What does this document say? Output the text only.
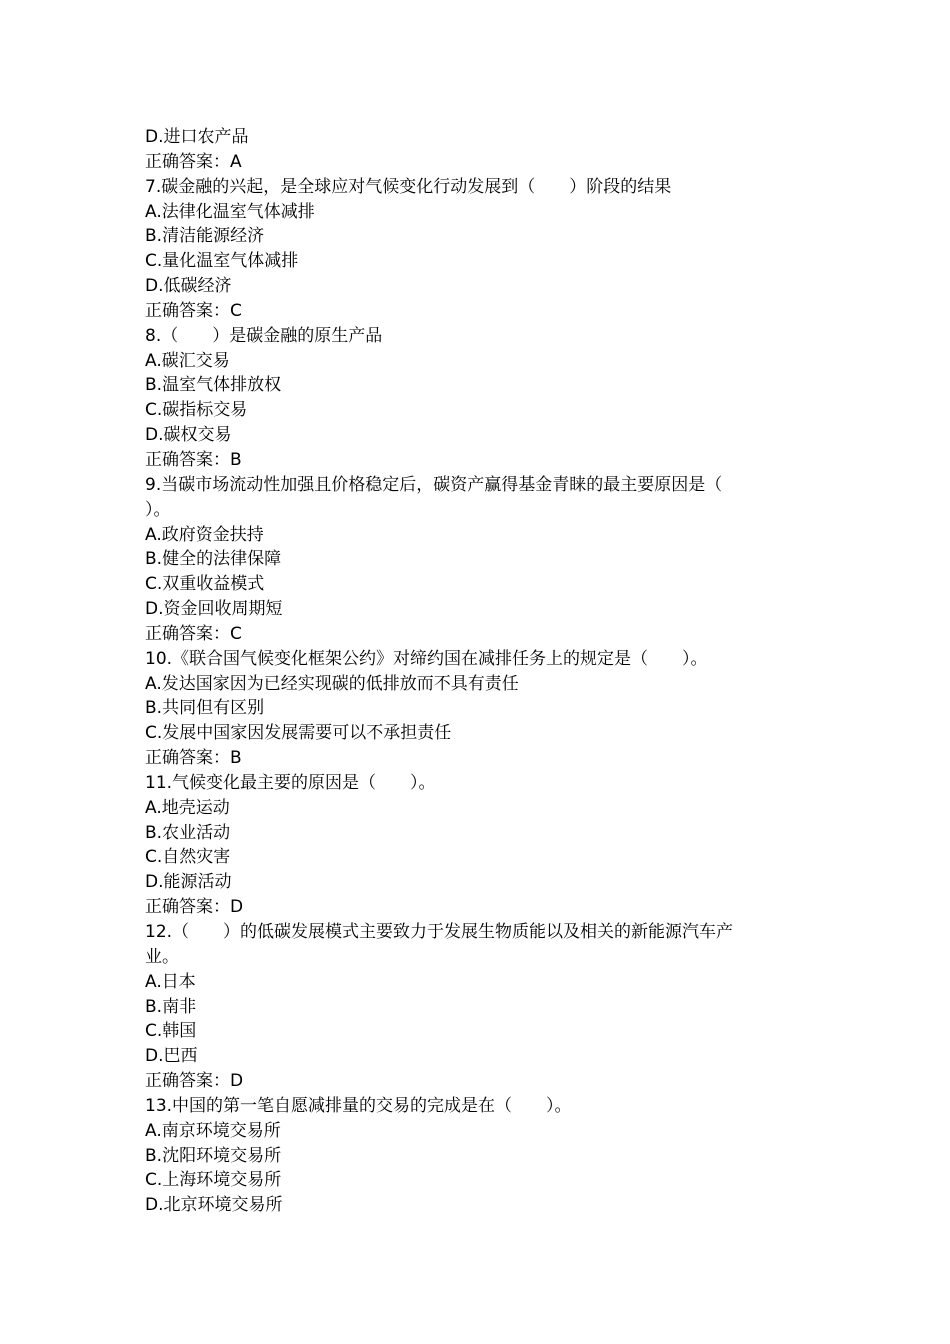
D.进口农产品
正确答案：A
7.碳金融的兴起，是全球应对气候变化行动发展到（　　）阶段的结果
A.法律化温室气体减排
B.清洁能源经济
C.量化温室气体减排
D.低碳经济
正确答案：C
8.（　　）是碳金融的原生产品
A.碳汇交易
B.温室气体排放权
C.碳指标交易
D.碳权交易
正确答案：B
9.当碳市场流动性加强且价格稳定后，碳资产赢得基金青睐的最主要原因是（
）。
A.政府资金扶持
B.健全的法律保障
C.双重收益模式
D.资金回收周期短
正确答案：C
10.《联合国气候变化框架公约》对缔约国在减排任务上的规定是（　　）。
A.发达国家因为已经实现碳的低排放而不具有责任
B.共同但有区别
C.发展中国家因发展需要可以不承担责任
正确答案：B
11.气候变化最主要的原因是（　　）。
A.地壳运动
B.农业活动
C.自然灾害
D.能源活动
正确答案：D
12.（　　）的低碳发展模式主要致力于发展生物质能以及相关的新能源汽车产
业。
A.日本
B.南非
C.韩国
D.巴西
正确答案：D
13.中国的第一笔自愿减排量的交易的完成是在（　　）。
A.南京环境交易所
B.沈阳环境交易所
C.上海环境交易所
D.北京环境交易所
